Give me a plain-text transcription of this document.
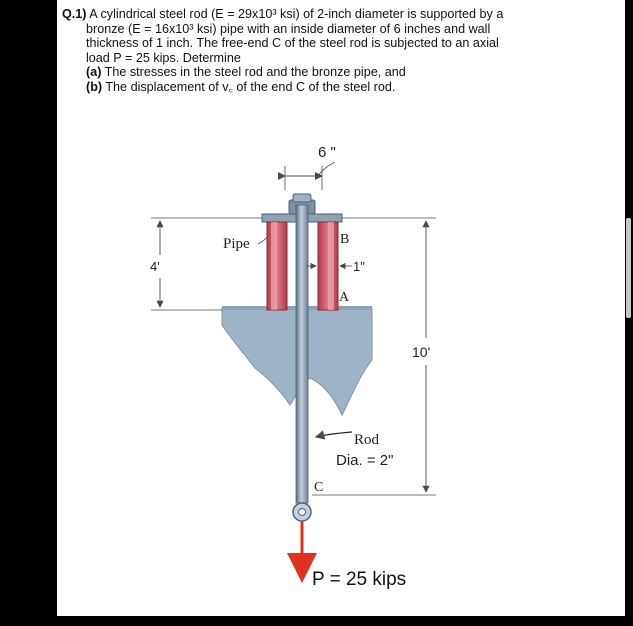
Q.1) A cylindrical steel rod (E = 29x10³ ksi) of 2-inch diameter is supported by a
bronze (E = 16x10³ ksi) pipe with an inside diameter of 6 inches and wall
thickness of 1 inch. The free-end C of the steel rod is subjected to an axial
load P = 25 kips. Determine
(a) The stresses in the steel rod and the bronze pipe, and
(b) The displacement of v꜀ of the end C of the steel rod.
6 "
4'
Pipe	B
1"
A
10'
Rod
Dia. = 2"
C
P = 25 kips
